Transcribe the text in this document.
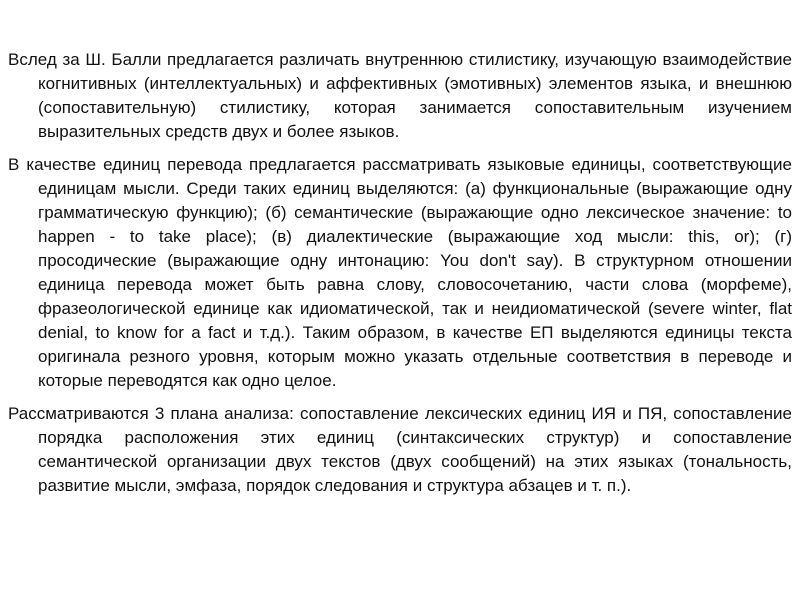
Вслед за Ш. Балли предлагается различать внутреннюю стилистику, изучающую взаимодействие когнитивных (интеллектуальных) и аффективных (эмотивных) элементов языка, и внешнюю (сопоставительную) стилистику, которая занимается сопоставительным изучением выразительных средств двух и более языков.

В качестве единиц перевода предлагается рассматривать языковые единицы, соответствующие единицам мысли. Среди таких единиц выделяются: (а) функциональные (выражающие одну грамматическую функцию); (б) семантические (выражающие одно лексическое значение: to happen - to take place); (в) диалектические (выражающие ход мысли: this, or); (г) просодические (выражающие одну интонацию: You don't say). В структурном отношении единица перевода может быть равна слову, словосочетанию, части слова (морфеме), фразеологической единице как идиоматической, так и неидиоматической (severe winter, flat denial, to know for a fact и т.д.). Таким образом, в качестве ЕП выделяются единицы текста оригинала резного уровня, которым можно указать отдельные соответствия в переводе и которые переводятся как одно целое.

Рассматриваются 3 плана анализа: сопоставление лексических единиц ИЯ и ПЯ, сопоставление порядка расположения этих единиц (синтаксических структур) и сопоставление семантической организации двух текстов (двух сообщений) на этих языках (тональность, развитие мысли, эмфаза, порядок следования и структура абзацев и т. п.).
